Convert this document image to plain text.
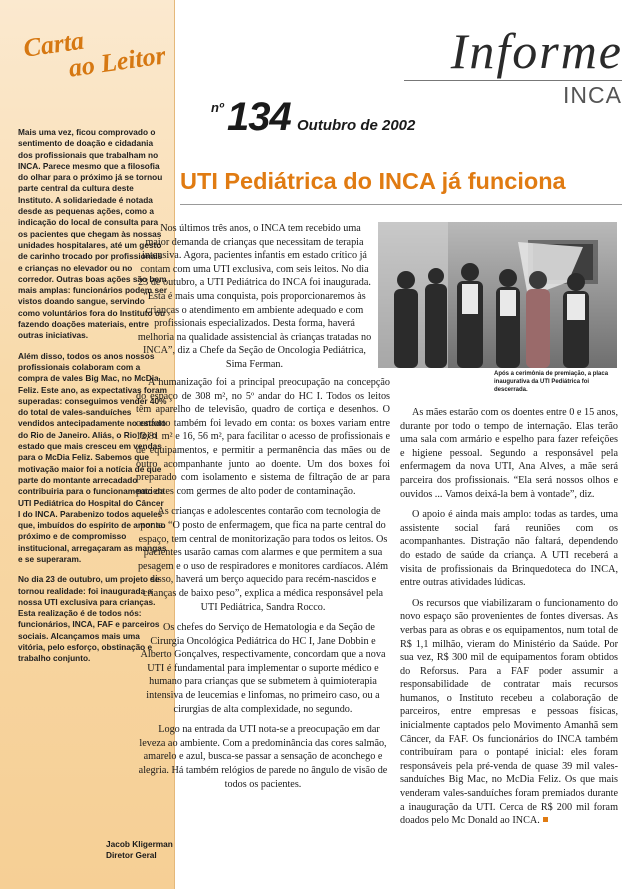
Carta
ao Leitor

Mais uma vez, ficou comprovado o sentimento de doação e cidadania dos profissionais que trabalham no INCA. Parece mesmo que a filosofia do olhar para o próximo já se tornou parte central da cultura deste Instituto. A solidariedade é notada desde as pequenas ações, como a indicação do local de consulta para os pacientes que chegam às nossas unidades hospitalares, até um gesto de carinho trocado por profissionais e crianças no elevador ou no corredor. Outras boas ações são bem mais amplas: funcionários podem ser vistos doando sangue, servindo como voluntários fora do Instituto ou fazendo doações materiais, entre outras iniciativas.

Além disso, todos os anos nossos profissionais colaboram com a compra de vales Big Mac, no McDia Feliz. Este ano, as expectativas foram superadas: conseguimos vender 40% do total de vales-sanduíches vendidos antecipadamente no estado do Rio de Janeiro. Aliás, o Rio foi o estado que mais cresceu em vendas para o McDia Feliz. Sabemos que motivação maior foi a notícia de que parte do montante arrecadado contribuiria para o funcionamento da UTI Pediátrica do Hospital do Câncer I do INCA. Parabenizo todos aqueles que, imbuídos do espírito de amor ao próximo e de compromisso institucional, arregaçaram as mangas e se superaram.

No dia 23 de outubro, um projeto se tornou realidade: foi inaugurada a nossa UTI exclusiva para crianças. Esta realização é de todos nós: funcionários, INCA, FAF e parceiros sociais. Alcançamos mais uma vitória, pelo esforço, obstinação e trabalho conjunto.

Jacob Kligerman
Diretor Geral
Informe
INCA
nº 134 Outubro de 2002
UTI Pediátrica do INCA já funciona
Após a cerimônia de premiação, a placa inaugurativa da UTI Pediátrica foi descerrada.

Nos últimos três anos, o INCA tem recebido uma maior demanda de crianças que necessitam de terapia intensiva. Agora, pacientes infantis em estado crítico já contam com uma UTI exclusiva, com seis leitos. No dia 23 de outubro, a UTI Pediátrica do INCA foi inaugurada. “Esta é mais uma conquista, pois proporcionaremos às crianças o atendimento em ambiente adequado e com profissionais especializados. Desta forma, haverá melhoria na qualidade assistencial às crianças tratadas no INCA”, diz a Chefe da Seção de Oncologia Pediátrica, Sima Ferman.

A humanização foi a principal preocupação na concepção do espaço de 308 m², no 5º andar do HC I. Todos os leitos têm aparelho de televisão, quadro de cortiça e desenhos. O conforto também foi levado em conta: os boxes variam entre 12,81 m² e 16, 56 m², para facilitar o acesso de profissionais e de equipamentos, e permitir a permanência das mães ou de outro acompanhante junto ao doente. Um dos boxes foi preparado com isolamento e sistema de filtração de ar para pacientes com germes de alto poder de contaminação.

As crianças e adolescentes contarão com tecnologia de ponta. “O posto de enfermagem, que fica na parte central do espaço, tem central de monitorização para todos os leitos. Os pacientes usarão camas com alarmes e que permitem a sua pesagem e o uso de respiradores e monitores cardíacos. Além disso, haverá um berço aquecido para recém-nascidos e crianças de baixo peso”, explica a médica responsável pela UTI Pediátrica, Sandra Rocco.

Os chefes do Serviço de Hematologia e da Seção de Cirurgia Oncológica Pediátrica do HC I, Jane Dobbin e Alberto Gonçalves, respectivamente, concordam que a nova UTI é fundamental para implementar o suporte médico e humano para crianças que se submetem à quimioterapia intensiva de leucemias e linfomas, no primeiro caso, ou a cirurgias de alta complexidade, no segundo.

Logo na entrada da UTI nota-se a preocupação em dar leveza ao ambiente. Com a predominância das cores salmão, amarelo e azul, busca-se passar a sensação de aconchego e alegria. Há também relógios de parede no ângulo de visão de todos os pacientes.

As mães estarão com os doentes entre 0 e 15 anos, durante por todo o tempo de internação. Elas terão uma sala com armário e espelho para fazer refeições e higiene pessoal. Segundo a responsável pela enfermagem da nova UTI, Ana Alves, a mãe será parceira dos profissionais. “Ela será nossos olhos e ouvidos ... Vamos deixá-la bem à vontade”, diz.

O apoio é ainda mais amplo: todas as tardes, uma assistente social fará reuniões com os acompanhantes. Distração não faltará, dependendo do estado de saúde da criança. A UTI receberá a visita de profissionais da Brinquedoteca do INCA, entre outras atividades lúdicas.

Os recursos que viabilizaram o funcionamento do novo espaço são provenientes de fontes diversas. As verbas para as obras e os equipamentos, num total de R$ 1,1 milhão, vieram do Ministério da Saúde. Por sua vez, R$ 300 mil de equipamentos foram obtidos do Reforsus. Para a FAF poder assumir a responsabilidade de contratar mais recursos humanos, o Instituto recebeu a colaboração de parceiros, entre empresas e pessoas físicas, inicialmente captados pelo Movimento Amanhã sem Câncer, da FAF. Os funcionários do INCA também contribuíram para o pontapé inicial: eles foram responsáveis pela pré-venda de quase 39 mil vales-sanduíches Big Mac, no McDia Feliz. Os que mais venderam vales-sanduíches foram premiados durante a inauguração da UTI. Cerca de R$ 200 mil foram doados pelo Mc Donald ao INCA.
